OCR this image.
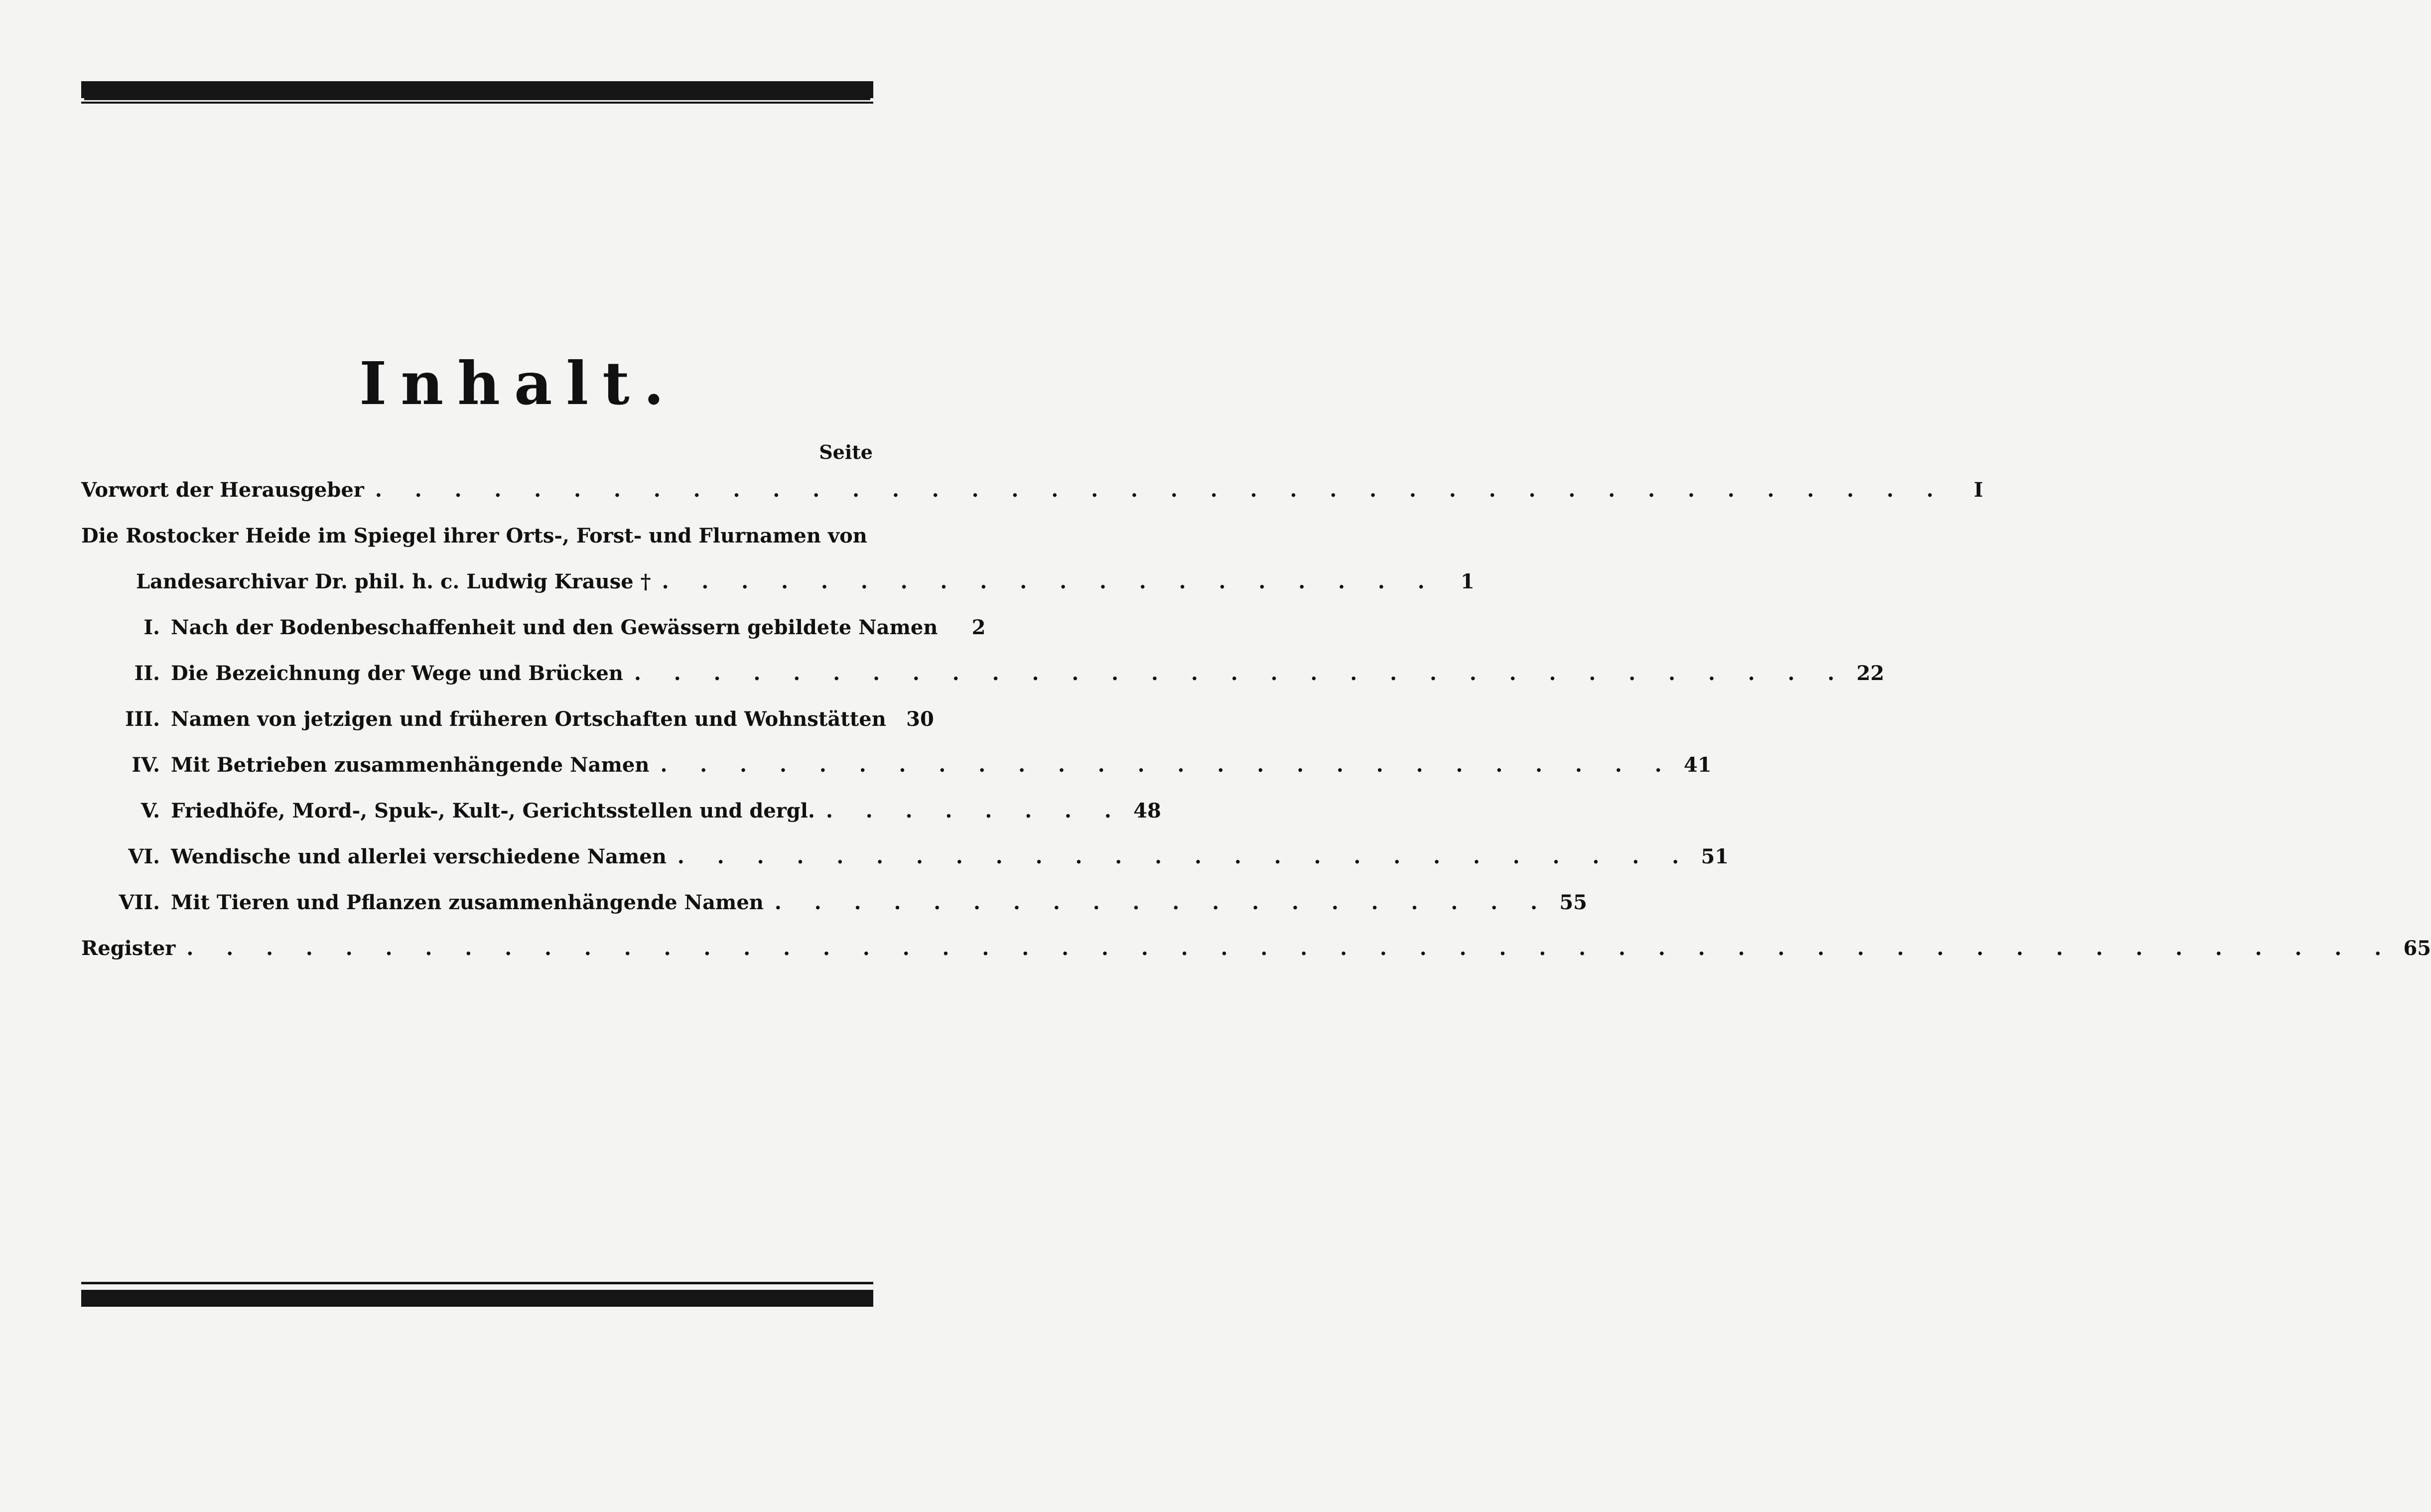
Inhalt.
Seite
Vorwort der Herausgeber . . . . . . . . . . . . . . . . . . . . . . . . . . . . . . . . . . . . . . . .	I
Die Rostocker Heide im Spiegel ihrer Orts-, Forst- und Flurnamen von
Landesarchivar Dr. phil. h. c. Ludwig Krause † . . . . . . . . . . . . . . . . . . . .	1
I. Nach der Bodenbeschaffenheit und den Gewässern gebildete Namen	2
II. Die Bezeichnung der Wege und Brücken . . . . . . . . . . . . . . . . . . . . . . . . . . . . . . . 22
III. Namen von jetzigen und früheren Ortschaften und Wohnstätten 30
IV. Mit Betrieben zusammenhängende Namen . . . . . . . . . . . . . . . . . . . . . . . . . . 41
V. Friedhöfe, Mord-, Spuk-, Kult-, Gerichtsstellen und dergl. . . . . . . . . 48
VI. Wendische und allerlei verschiedene Namen . . . . . . . . . . . . . . . . . . . . . . . . . . 51
VII. Mit Tieren und Pflanzen zusammenhängende Namen . . . . . . . . . . . . . . . . . . . . 55
Register . . . . . . . . . . . . . . . . . . . . . . . . . . . . . . . . . . . . . . . . . . . . . . . . . . . . . . . . 65
